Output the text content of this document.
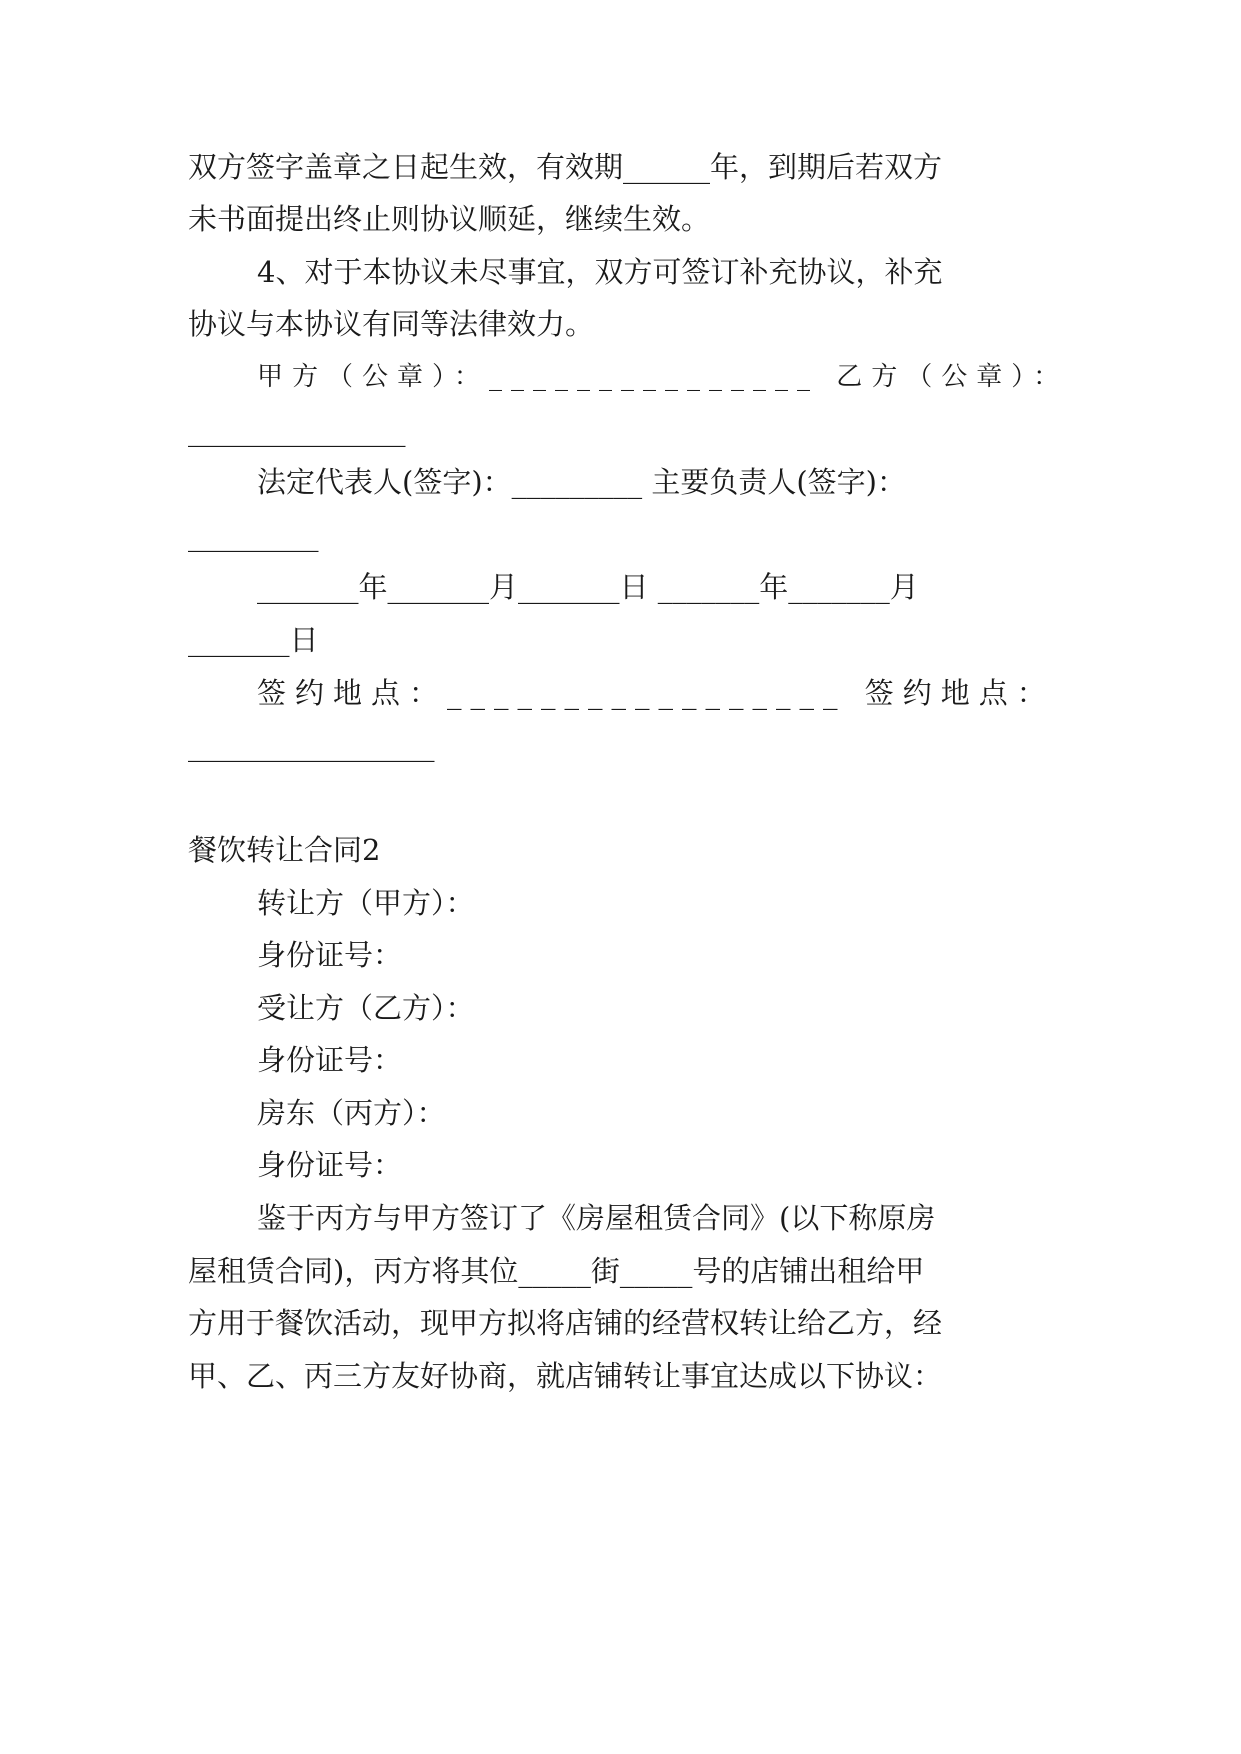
双方签字盖章之日起生效，有效期______年，到期后若双方
未书面提出终止则协议顺延，继续生效。
4、对于本协议未尽事宜，双方可签订补充协议，补充
协议与本协议有同等法律效力。
甲方（公章）：_______________ 乙方（公章）：
_______________
法定代表人(签字)：_________ 主要负责人(签字)：
_________
_______年_______月_______日 _______年_______月
_______日
签约地点：_________________ 签约地点：
_________________
餐饮转让合同2
转让方（甲方）：
身份证号：
受让方（乙方）：
身份证号：
房东（丙方）：
身份证号：
鉴于丙方与甲方签订了《房屋租赁合同》(以下称原房
屋租赁合同)，丙方将其位_____街_____号的店铺出租给甲
方用于餐饮活动，现甲方拟将店铺的经营权转让给乙方，经
甲、乙、丙三方友好协商，就店铺转让事宜达成以下协议：
